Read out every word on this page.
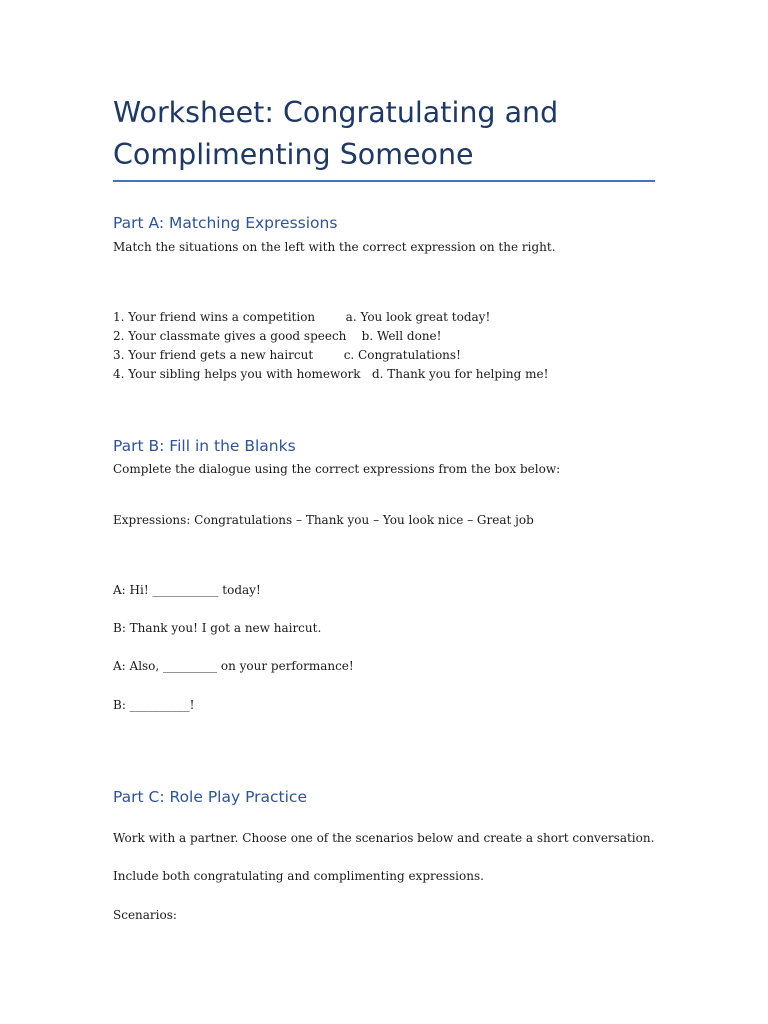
Worksheet: Congratulating and Complimenting Someone
Part A: Matching Expressions

Match the situations on the left with the correct expression on the right.

1. Your friend wins a competition        a. You look great today!

2. Your classmate gives a good speech    b. Well done!

3. Your friend gets a new haircut        c. Congratulations!

4. Your sibling helps you with homework   d. Thank you for helping me!

Part B: Fill in the Blanks

Complete the dialogue using the correct expressions from the box below:

Expressions: Congratulations – Thank you – You look nice – Great job

A: Hi! ___________ today!

B: Thank you! I got a new haircut.

A: Also, _________ on your performance!

B: __________!

Part C: Role Play Practice

Work with a partner. Choose one of the scenarios below and create a short conversation.

Include both congratulating and complimenting expressions.

Scenarios:
